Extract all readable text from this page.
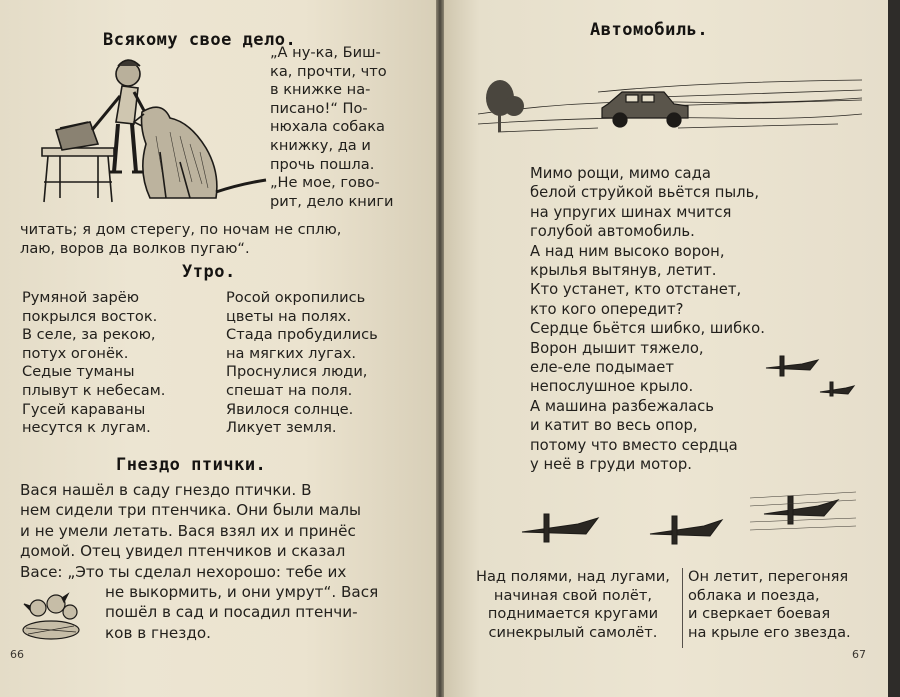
Всякому свое дело.
„А ну-ка, Биш-
ка, прочти, что
в книжке на-
писано!“ По-
нюхала собака
книжку, да и
прочь пошла.
„Не мое, гово-
рит, дело книги
читать; я дом стерегу, по ночам не сплю,
лаю, воров да волков пугаю“.
Утро.
Румяной зарёю
покрылся восток.
В селе, за рекою,
потух огонёк.
Седые туманы
плывут к небесам.
Гусей караваны
несутся к лугам.
Росой окропились
цветы на полях.
Стада пробудились
на мягких лугах.
Проснулися люди,
спешат на поля.
Явилося солнце.
Ликует земля.
Гнездо птички.
Вася нашёл в саду гнездо птички. В
нем сидели три птенчика. Они были малы
и не умели летать. Вася взял их и принёс
домой. Отец увидел птенчиков и сказал
Васе: „Это ты сделал нехорошо: тебе их
не выкормить, и они умрут“. Вася
пошёл в сад и посадил птенчи-
ков в гнездо.
66
Автомобиль.
Мимо рощи, мимо сада
белой струйкой вьётся пыль,
на упругих шинах мчится
голубой автомобиль.
А над ним высоко ворон,
крылья вытянув, летит.
Кто устанет, кто отстанет,
кто кого опередит?
Сердце бьётся шибко, шибко.
Ворон дышит тяжело,
еле-еле подымает
непослушное крыло.
А машина разбежалась
и катит во весь опор,
потому что вместо сердца
у неё в груди мотор.
Над полями, над лугами,
начиная свой полёт,
поднимается кругами
синекрылый самолёт.
Он летит, перегоняя
облака и поезда,
и сверкает боевая
на крыле его звезда.
67
